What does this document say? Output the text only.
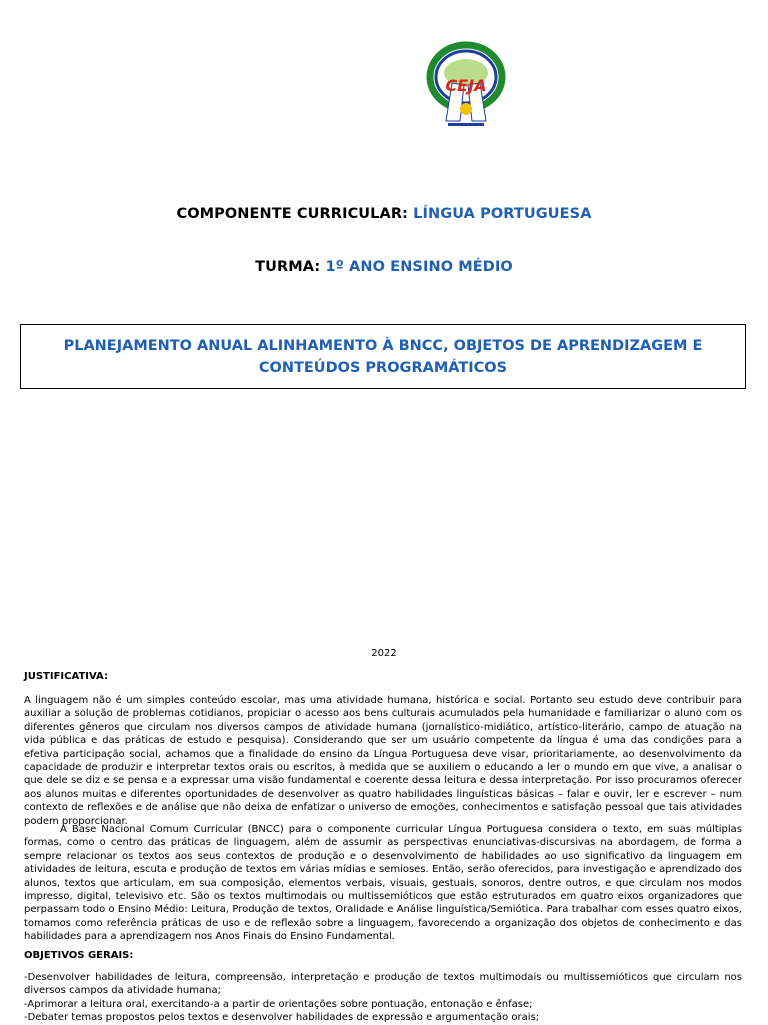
CEJA
COMPONENTE CURRICULAR: LÍNGUA PORTUGUESA
TURMA: 1º ANO ENSINO MÉDIO

PLANEJAMENTO ANUAL ALINHAMENTO À BNCC, OBJETOS DE APRENDIZAGEM E CONTEÚDOS PROGRAMÁTICOS

2022
JUSTIFICATIVA:

A linguagem não é um simples conteúdo escolar, mas uma atividade humana, histórica e social. Portanto seu estudo deve contribuir para auxiliar a solução de problemas cotidianos, propiciar o acesso aos bens culturais acumulados pela humanidade e familiarizar o aluno com os diferentes gêneros que circulam nos diversos campos de atividade humana (jornalístico-midiático, artístico-literário, campo de atuação na vida pública e das práticas de estudo e pesquisa). Considerando que ser um usuário competente da língua é uma das condições para a efetiva participação social, achamos que a finalidade do ensino da Língua Portuguesa deve visar, prioritariamente, ao desenvolvimento da capacidade de produzir e interpretar textos orais ou escritos, à medida que se auxiliem o educando a ler o mundo em que vive, a analisar o que dele se diz e se pensa e a expressar uma visão fundamental e coerente dessa leitura e dessa interpretação. Por isso procuramos oferecer aos alunos muitas e diferentes oportunidades de desenvolver as quatro habilidades linguísticas básicas – falar e ouvir, ler e escrever – num contexto de reflexões e de análise que não deixa de enfatizar o universo de emoções, conhecimentos e satisfação pessoal que tais atividades podem proporcionar.

A Base Nacional Comum Curricular (BNCC) para o componente curricular Língua Portuguesa considera o texto, em suas múltiplas formas, como o centro das práticas de linguagem, além de assumir as perspectivas enunciativas-discursivas na abordagem, de forma a sempre relacionar os textos aos seus contextos de produção e o desenvolvimento de habilidades ao uso significativo da linguagem em atividades de leitura, escuta e produção de textos em várias mídias e semioses. Então, serão oferecidos, para investigação e aprendizado dos alunos, textos que articulam, em sua composição, elementos verbais, visuais, gestuais, sonoros, dentre outros, e que circulam nos modos impresso, digital, televisivo etc. São os textos multimodais ou multissemióticos que estão estruturados em quatro eixos organizadores que perpassam todo o Ensino Médio: Leitura, Produção de textos, Oralidade e Análise linguística/Semiótica. Para trabalhar com esses quatro eixos, tomamos como referência práticas de uso e de reflexão sobre a linguagem, favorecendo a organização dos objetos de conhecimento e das habilidades para a aprendizagem nos Anos Finais do Ensino Fundamental.

OBJETIVOS GERAIS:
-Desenvolver habilidades de leitura, compreensão, interpretação e produção de textos multimodais ou multissemióticos que circulam nos diversos campos da atividade humana;
-Aprimorar a leitura oral, exercitando-a a partir de orientações sobre pontuação, entonação e ênfase;
-Debater temas propostos pelos textos e desenvolver habilidades de expressão e argumentação orais;
